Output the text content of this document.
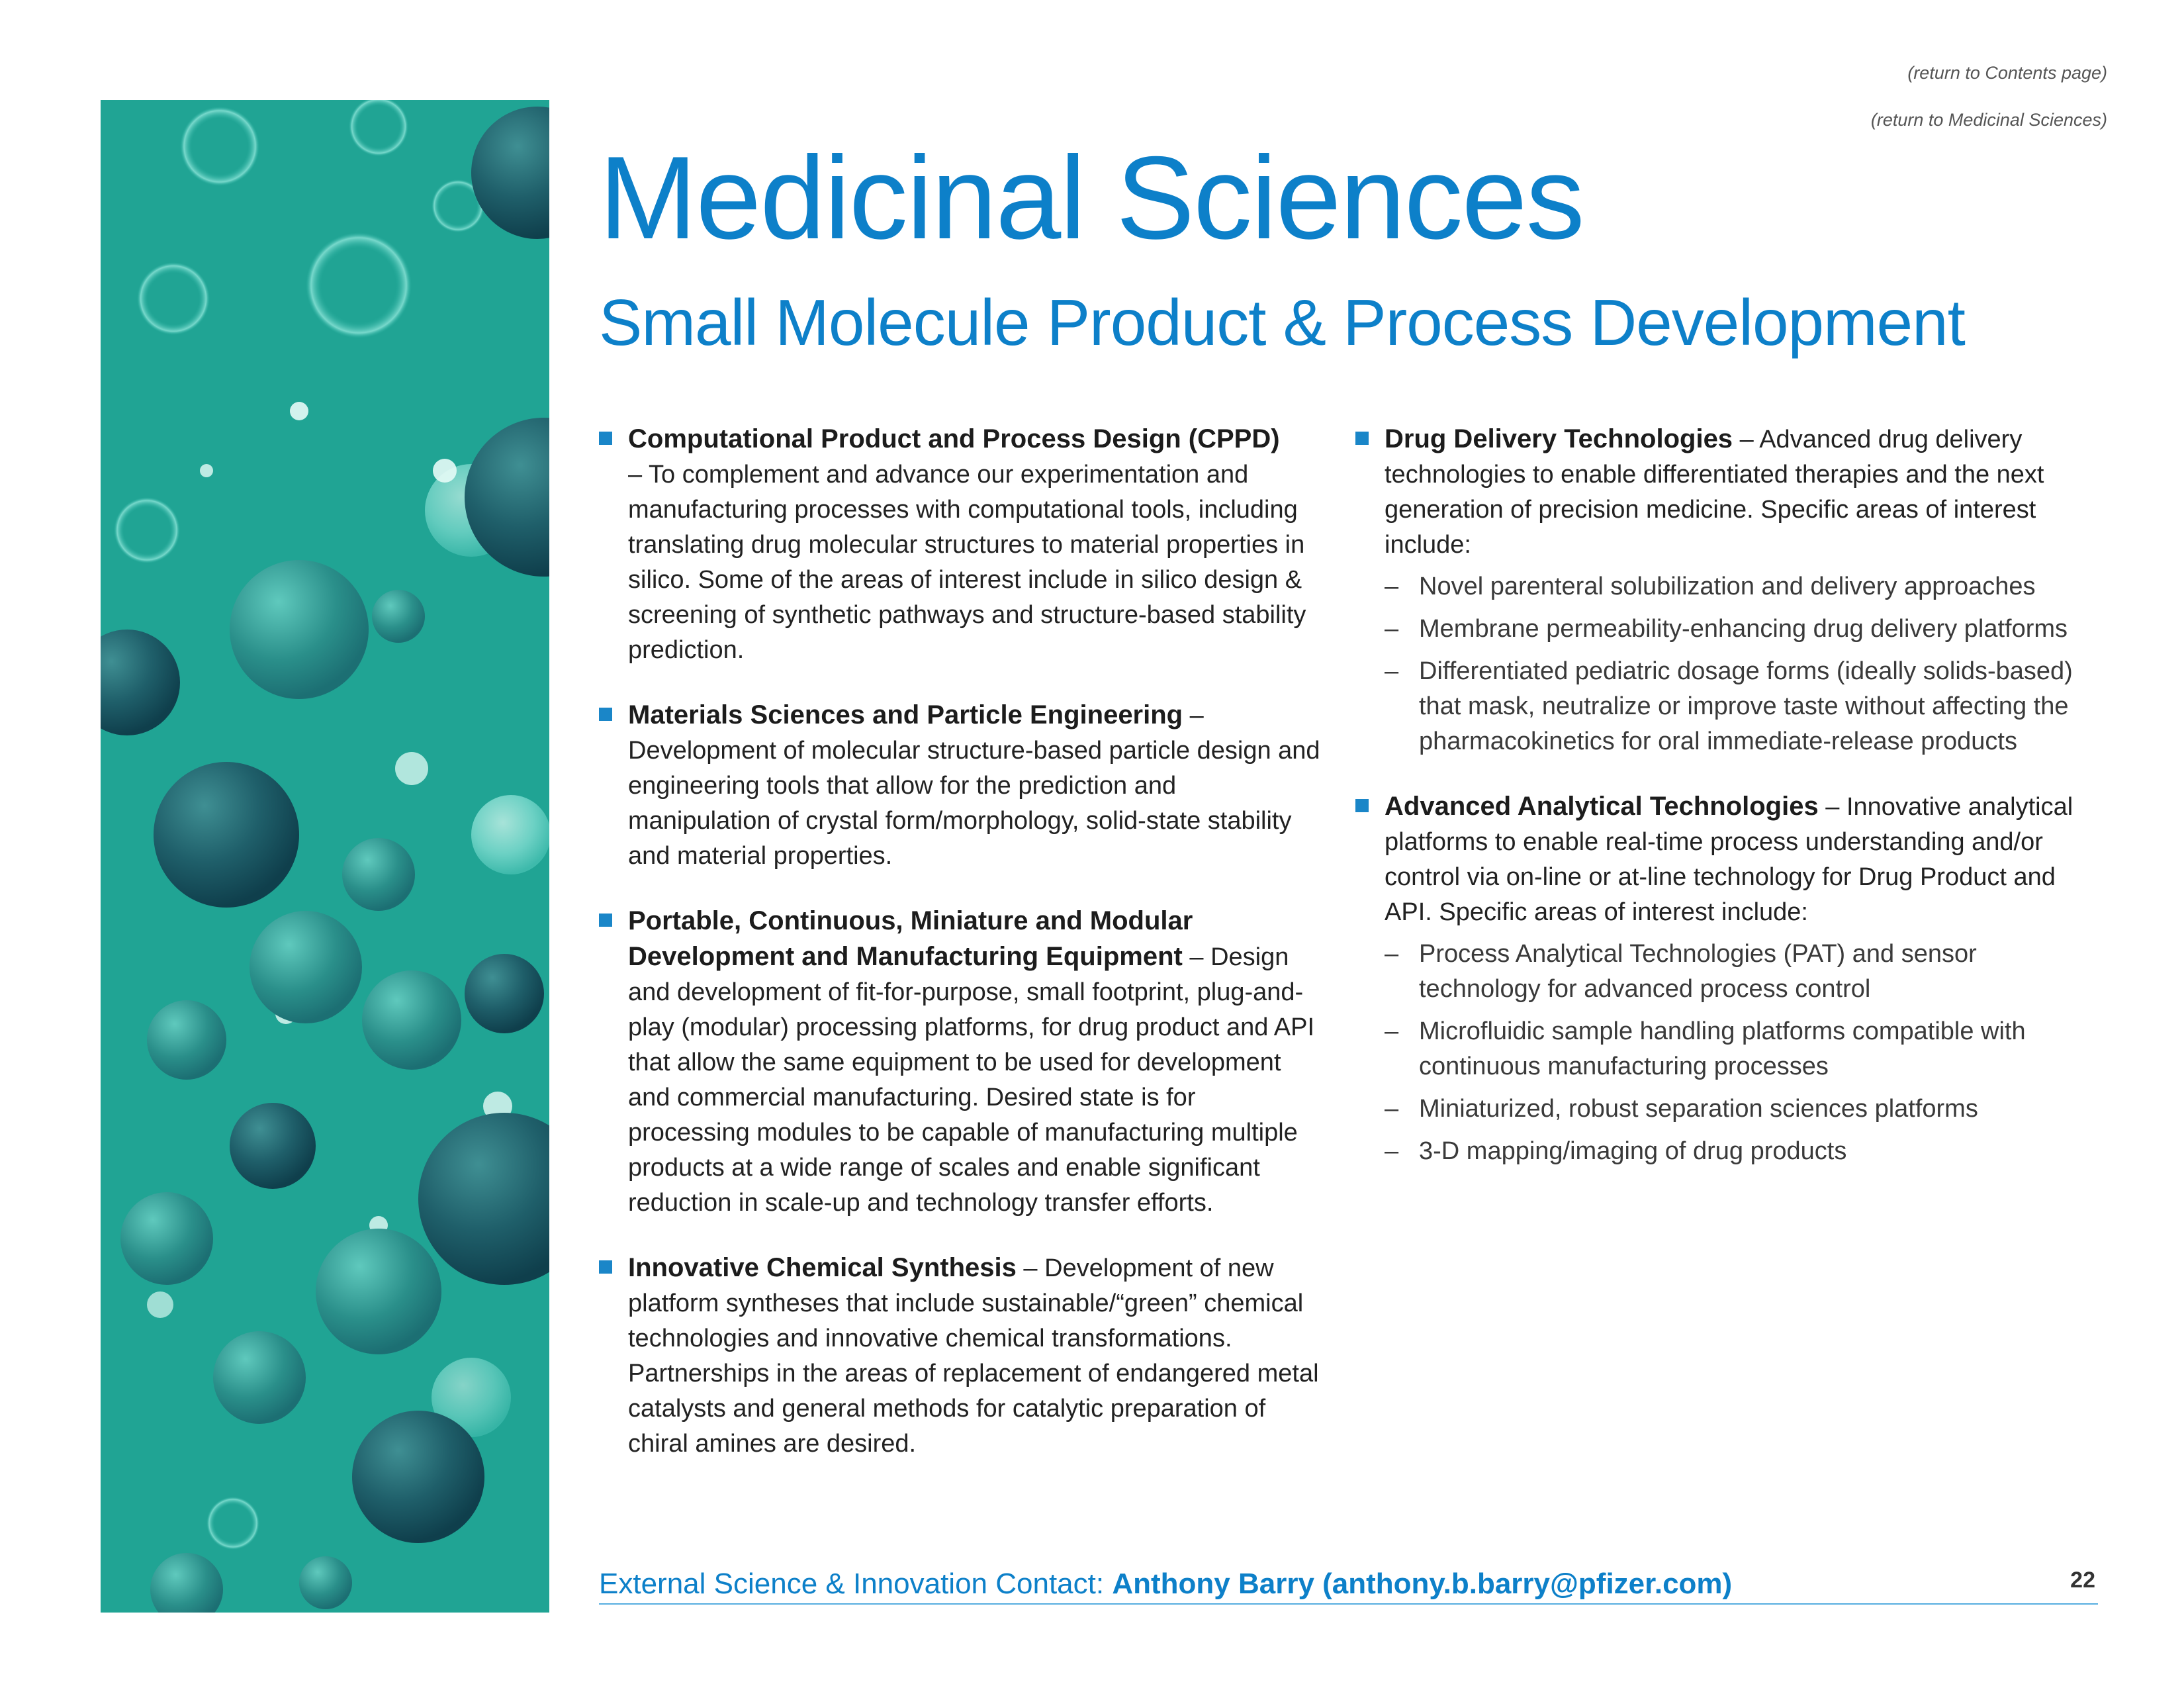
(return to Contents page)
(return to Medicinal Sciences)
Medicinal Sciences
Small Molecule Product & Process Development
Computational Product and Process Design (CPPD)
– To complement and advance our experimentation and manufacturing processes with computational tools, including translating drug molecular structures to material properties in silico. Some of the areas of interest include in silico design & screening of synthetic pathways and structure-based stability prediction.
Materials Sciences and Particle Engineering – Development of molecular structure-based particle design and engineering tools that allow for the prediction and manipulation of crystal form/morphology, solid-state stability and material properties.
Portable, Continuous, Miniature and Modular Development and Manufacturing Equipment – Design and development of fit-for-purpose, small footprint, plug-and-play (modular) processing platforms, for drug product and API that allow the same equipment to be used for development and commercial manufacturing. Desired state is for processing modules to be capable of manufacturing multiple products at a wide range of scales and enable significant reduction in scale-up and technology transfer efforts.
Innovative Chemical Synthesis – Development of new platform syntheses that include sustainable/“green” chemical technologies and innovative chemical transformations. Partnerships in the areas of replacement of endangered metal catalysts and general methods for catalytic preparation of chiral amines are desired.
Drug Delivery Technologies – Advanced drug delivery technologies to enable differentiated therapies and the next generation of precision medicine. Specific areas of interest include:
– Novel parenteral solubilization and delivery approaches
– Membrane permeability-enhancing drug delivery platforms
– Differentiated pediatric dosage forms (ideally solids-based) that mask, neutralize or improve taste without affecting the pharmacokinetics for oral immediate-release products
Advanced Analytical Technologies – Innovative analytical platforms to enable real-time process understanding and/or control via on-line or at-line technology for Drug Product and API. Specific areas of interest include:
– Process Analytical Technologies (PAT) and sensor technology for advanced process control
– Microfluidic sample handling platforms compatible with continuous manufacturing processes
– Miniaturized, robust separation sciences platforms
– 3-D mapping/imaging of drug products
External Science & Innovation Contact: Anthony Barry (anthony.b.barry@pfizer.com)	22
